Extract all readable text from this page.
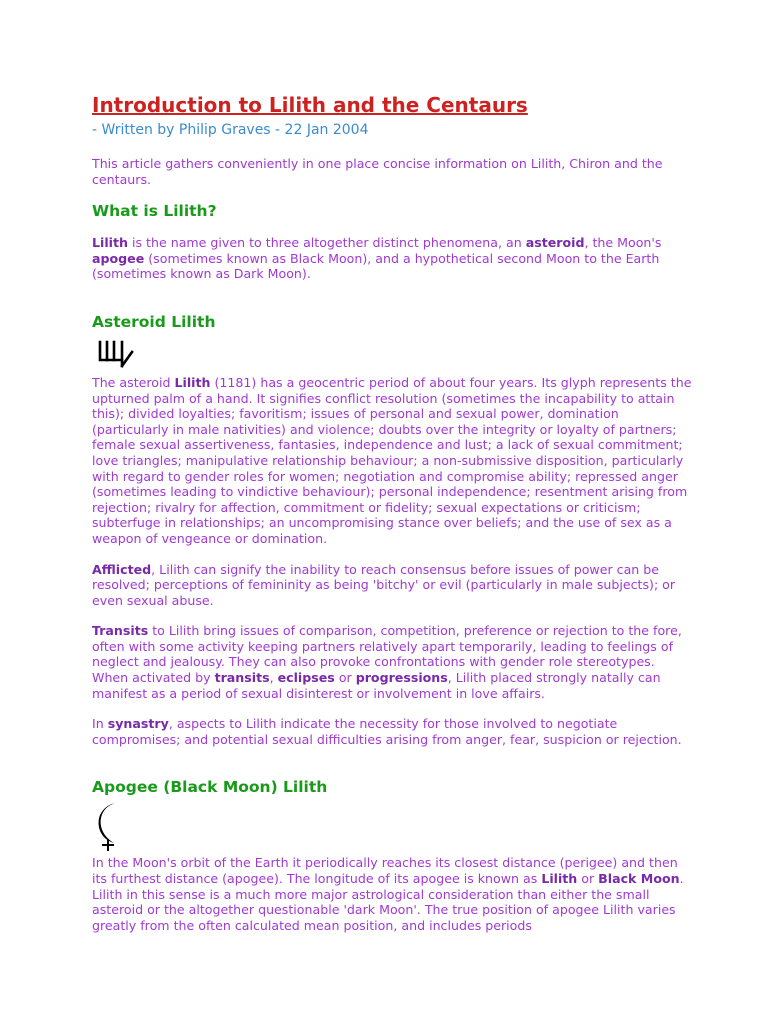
Introduction to Lilith and the Centaurs
- Written by Philip Graves - 22 Jan 2004

This article gathers conveniently in one place concise information on Lilith, Chiron and the centaurs.

What is Lilith?

Lilith is the name given to three altogether distinct phenomena, an asteroid, the Moon's apogee (sometimes known as Black Moon), and a hypothetical second Moon to the Earth (sometimes known as Dark Moon).

Asteroid Lilith

The asteroid Lilith (1181) has a geocentric period of about four years. Its glyph represents the upturned palm of a hand. It signifies conflict resolution (sometimes the incapability to attain this); divided loyalties; favoritism; issues of personal and sexual power, domination (particularly in male nativities) and violence; doubts over the integrity or loyalty of partners; female sexual assertiveness, fantasies, independence and lust; a lack of sexual commitment; love triangles; manipulative relationship behaviour; a non-submissive disposition, particularly with regard to gender roles for women; negotiation and compromise ability; repressed anger (sometimes leading to vindictive behaviour); personal independence; resentment arising from rejection; rivalry for affection, commitment or fidelity; sexual expectations or criticism; subterfuge in relationships; an uncompromising stance over beliefs; and the use of sex as a weapon of vengeance or domination.

Afflicted, Lilith can signify the inability to reach consensus before issues of power can be resolved; perceptions of femininity as being 'bitchy' or evil (particularly in male subjects); or even sexual abuse.

Transits to Lilith bring issues of comparison, competition, preference or rejection to the fore, often with some activity keeping partners relatively apart temporarily, leading to feelings of neglect and jealousy. They can also provoke confrontations with gender role stereotypes. When activated by transits, eclipses or progressions, Lilith placed strongly natally can manifest as a period of sexual disinterest or involvement in love affairs.

In synastry, aspects to Lilith indicate the necessity for those involved to negotiate compromises; and potential sexual difficulties arising from anger, fear, suspicion or rejection.

Apogee (Black Moon) Lilith

In the Moon's orbit of the Earth it periodically reaches its closest distance (perigee) and then its furthest distance (apogee). The longitude of its apogee is known as Lilith or Black Moon. Lilith in this sense is a much more major astrological consideration than either the small asteroid or the altogether questionable 'dark Moon'. The true position of apogee Lilith varies greatly from the often calculated mean position, and includes periods
